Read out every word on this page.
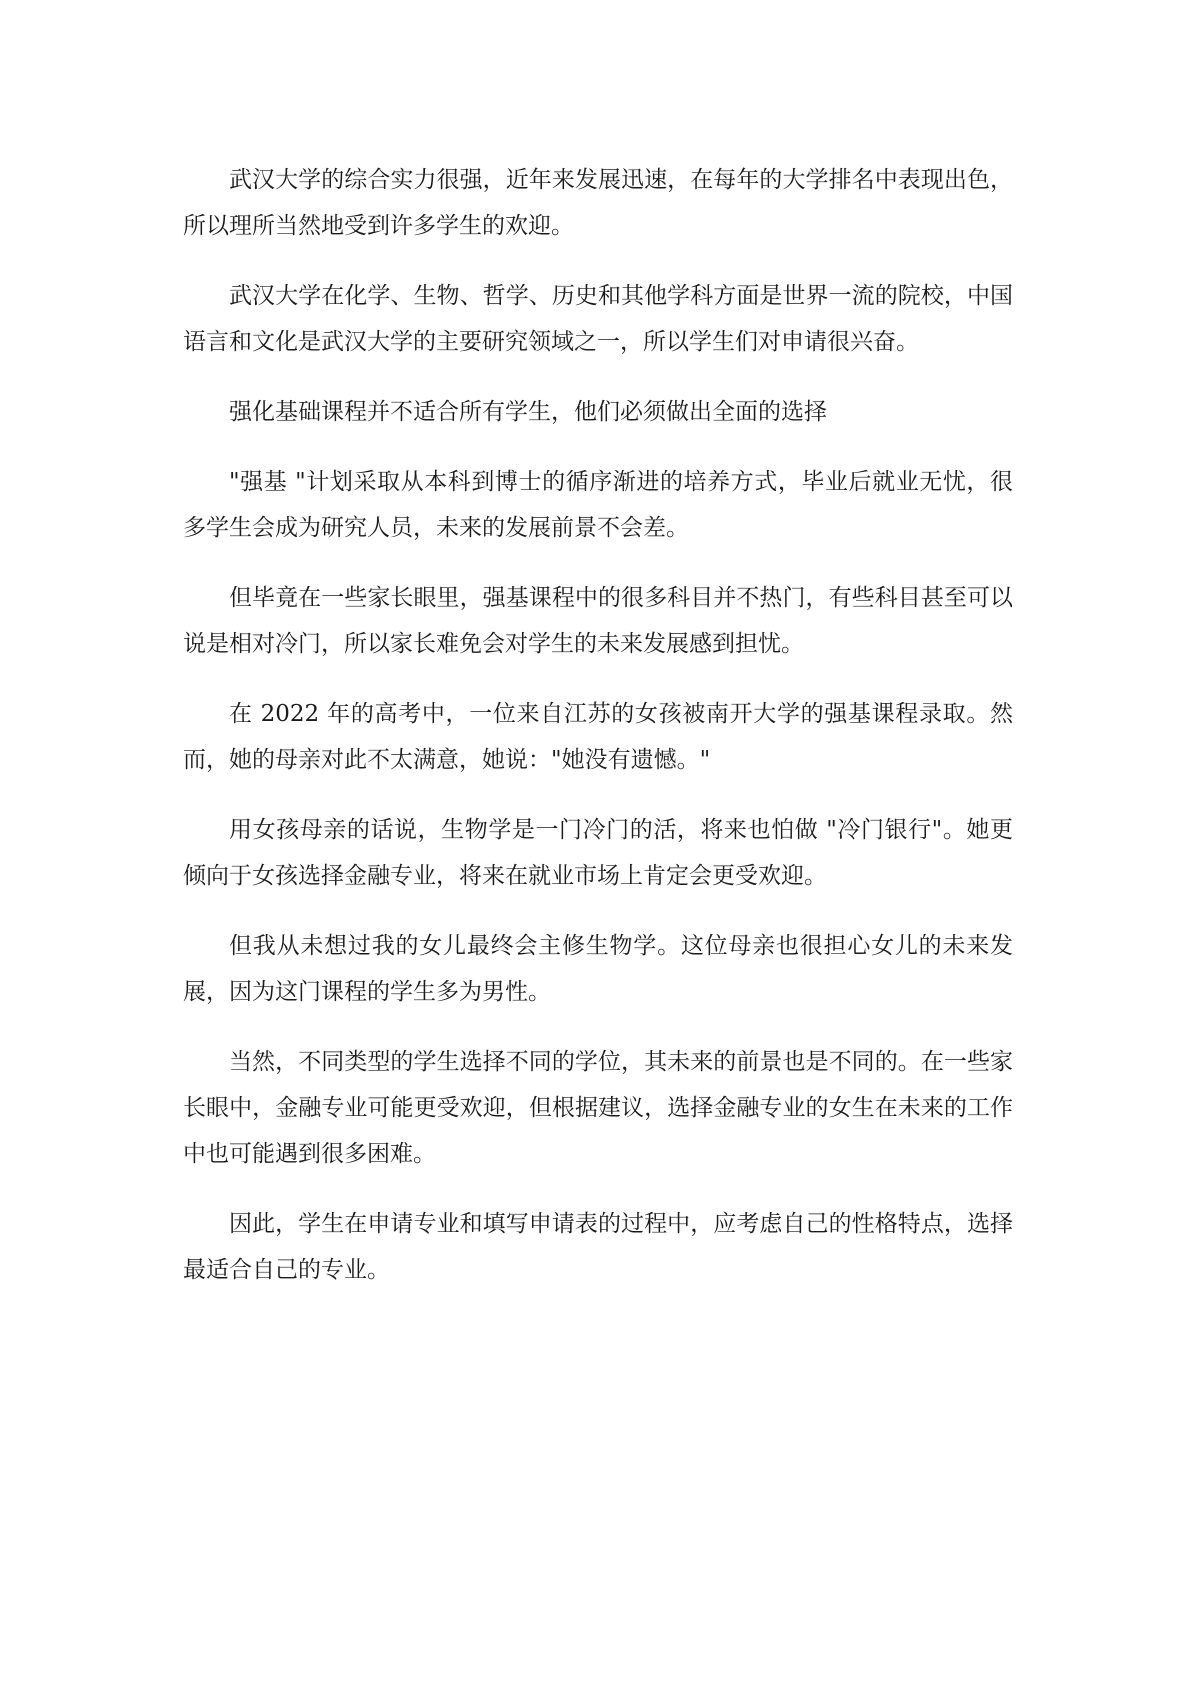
武汉大学的综合实力很强，近年来发展迅速，在每年的大学排名中表现出色，所以理所当然地受到许多学生的欢迎。

武汉大学在化学、生物、哲学、历史和其他学科方面是世界一流的院校，中国语言和文化是武汉大学的主要研究领域之一，所以学生们对申请很兴奋。

强化基础课程并不适合所有学生，他们必须做出全面的选择

"强基 "计划采取从本科到博士的循序渐进的培养方式，毕业后就业无忧，很多学生会成为研究人员，未来的发展前景不会差。

但毕竟在一些家长眼里，强基课程中的很多科目并不热门，有些科目甚至可以说是相对冷门，所以家长难免会对学生的未来发展感到担忧。

在 2022 年的高考中，一位来自江苏的女孩被南开大学的强基课程录取。然而，她的母亲对此不太满意，她说："她没有遗憾。"

用女孩母亲的话说，生物学是一门冷门的活，将来也怕做 "冷门银行"。她更倾向于女孩选择金融专业，将来在就业市场上肯定会更受欢迎。

但我从未想过我的女儿最终会主修生物学。这位母亲也很担心女儿的未来发展，因为这门课程的学生多为男性。

当然，不同类型的学生选择不同的学位，其未来的前景也是不同的。在一些家长眼中，金融专业可能更受欢迎，但根据建议，选择金融专业的女生在未来的工作中也可能遇到很多困难。

因此，学生在申请专业和填写申请表的过程中，应考虑自己的性格特点，选择最适合自己的专业。
